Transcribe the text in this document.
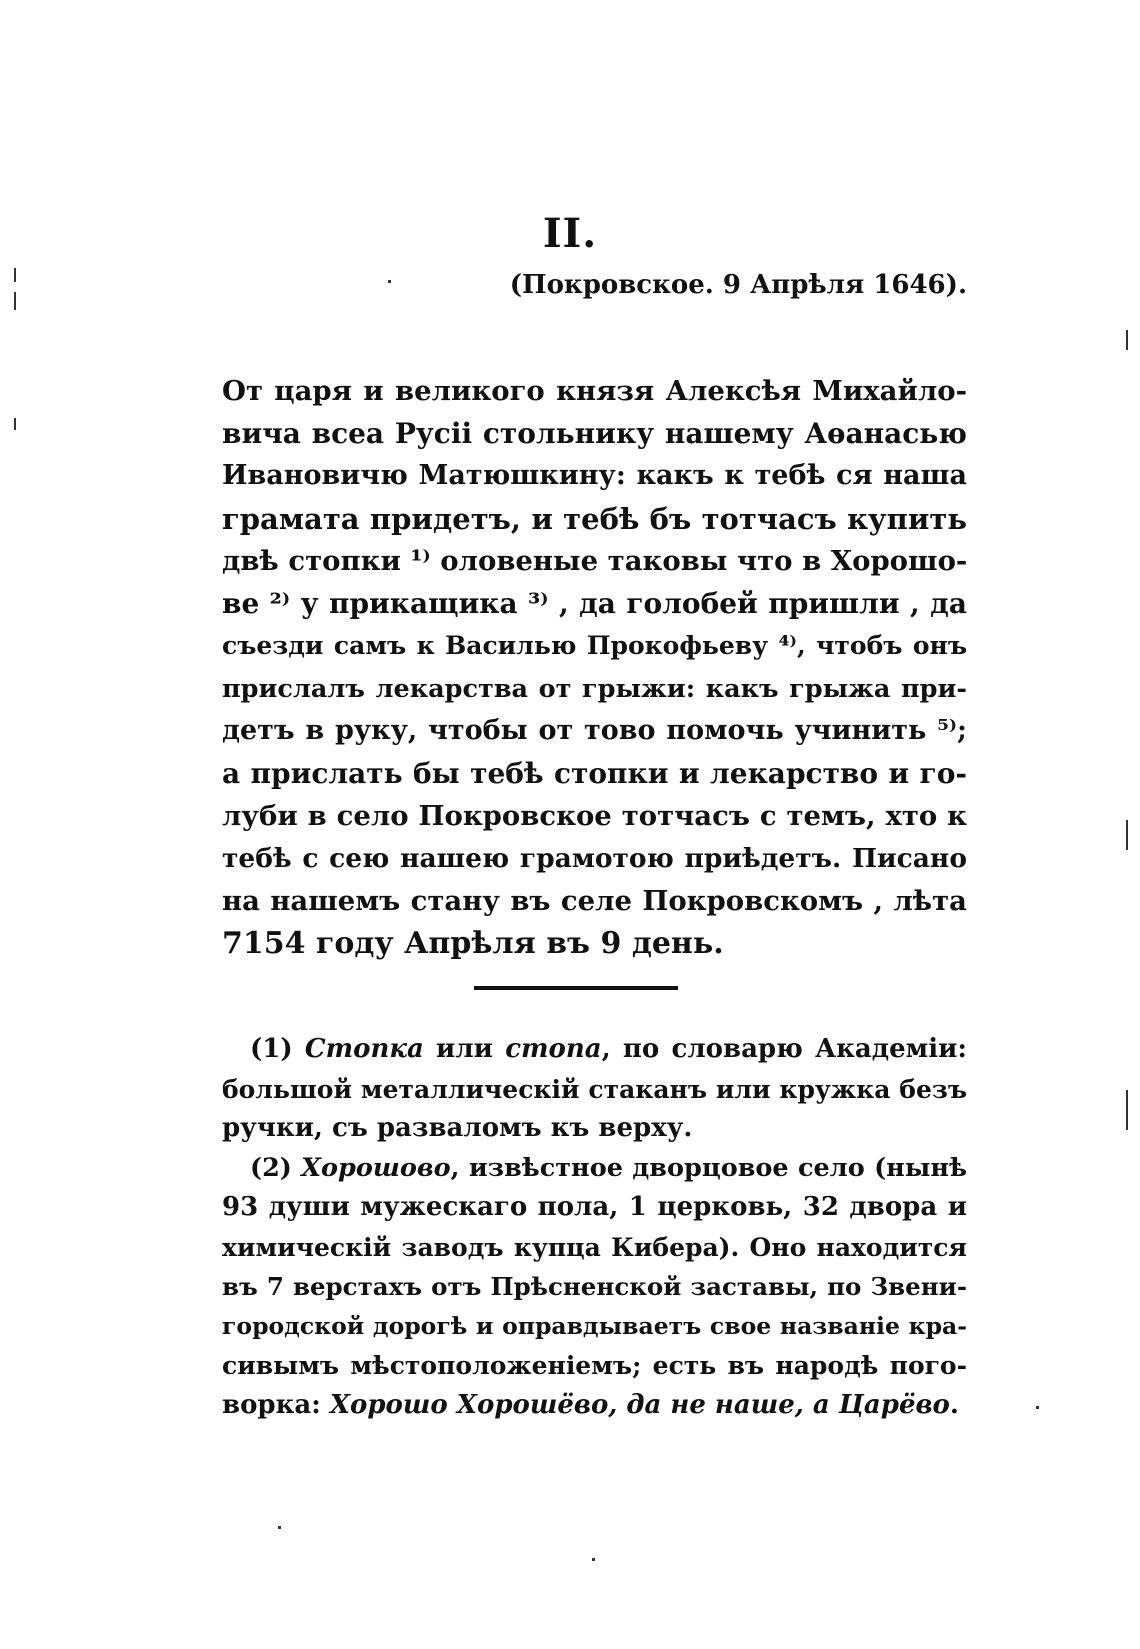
II.
(Покровское. 9 Апрѣля 1646).
От царя и великого князя Алексѣя Михайло-
вича всеа Русiі стольнику нашему Аѳанасью
Ивановичю Матюшкину: какъ к тебѣ ся наша
грамата придетъ, и тебѣ бъ тотчасъ купить
двѣ стопки ¹⁾ оловеные таковы что в Хорошо-
ве ²⁾ у прикащика ³⁾ , да голобей пришли , да
съезди самъ к Василью Прокофьеву ⁴⁾, чтобъ онъ
прислалъ лекарства от грыжи: какъ грыжа при-
детъ в руку, чтобы от тово помочь учинить ⁵⁾;
а прислать бы тебѣ стопки и лекарство и го-
луби в село Покровское тотчасъ с темъ, хто к
тебѣ с сею нашею грамотою приѣдетъ. Писано
на нашемъ стану въ селе Покровскомъ , лѣта
7154 году Апрѣля въ 9 день.
(1) Стопка или стопа, по словарю Академiи:
большой металлическiй стаканъ или кружка безъ
ручки, съ разваломъ къ верху.
(2) Хорошово, извѣстное дворцовое село (нынѣ
93 души мужескаго пола, 1 церковь, 32 двора и
химическiй заводъ купца Кибера). Оно находится
въ 7 верстахъ отъ Прѣсненской заставы, по Звени-
городской дорогѣ и оправдываетъ свое названiе кра-
сивымъ мѣстоположенiемъ; есть въ народѣ пого-
ворка: Хорошо Хорошёво, да не наше, а Царёво.
